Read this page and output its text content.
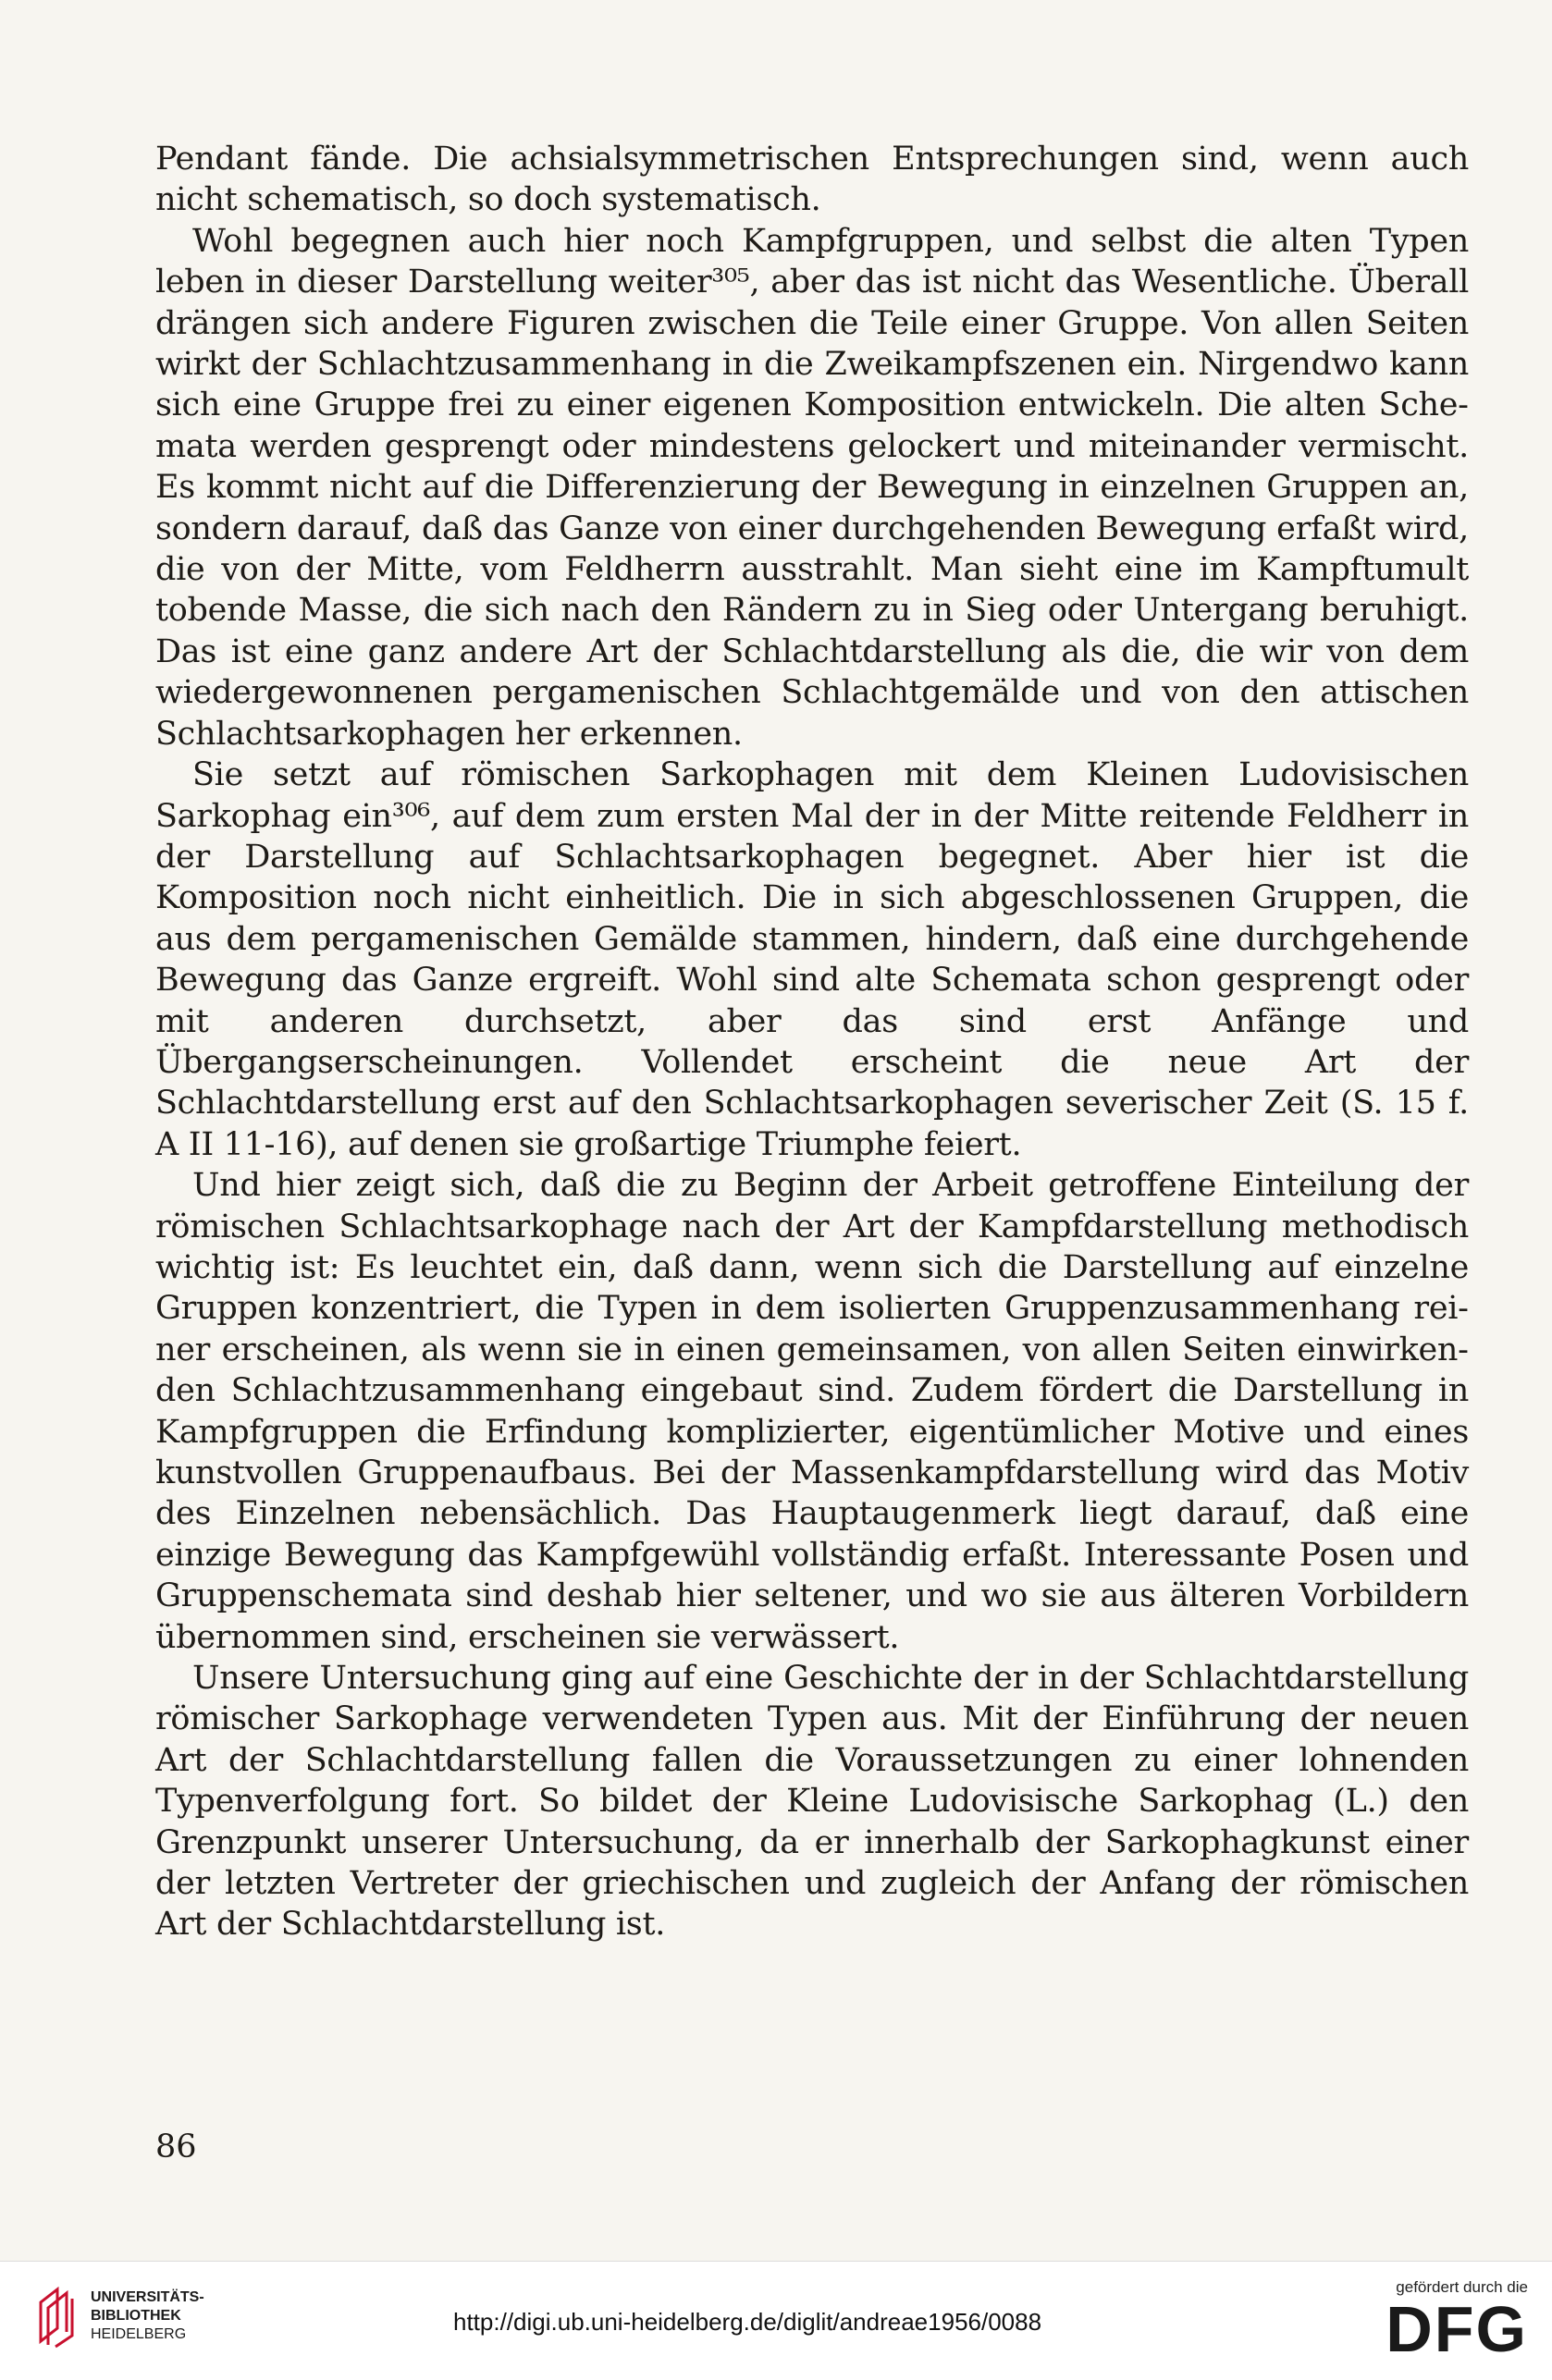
Pendant fände. Die achsialsymmetrischen Entsprechungen sind, wenn auch nicht schematisch, so doch systematisch.

Wohl begegnen auch hier noch Kampfgruppen, und selbst die alten Typen leben in dieser Darstellung weiter³⁰⁵, aber das ist nicht das Wesentliche. Überall drängen sich andere Figuren zwischen die Teile einer Gruppe. Von allen Seiten wirkt der Schlachtzusammenhang in die Zweikampfszenen ein. Nirgendwo kann sich eine Gruppe frei zu einer eigenen Komposition entwickeln. Die alten Schemata werden gesprengt oder mindestens gelockert und miteinander vermischt. Es kommt nicht auf die Differenzierung der Bewegung in einzelnen Gruppen an, sondern darauf, daß das Ganze von einer durchgehenden Bewegung erfaßt wird, die von der Mitte, vom Feldherrn ausstrahlt. Man sieht eine im Kampftumult tobende Masse, die sich nach den Rändern zu in Sieg oder Untergang beruhigt. Das ist eine ganz andere Art der Schlachtdarstellung als die, die wir von dem wiedergewonnenen pergamenischen Schlachtgemälde und von den attischen Schlachtsarkophagen her erkennen.

Sie setzt auf römischen Sarkophagen mit dem Kleinen Ludovisischen Sarkophag ein³⁰⁶, auf dem zum ersten Mal der in der Mitte reitende Feldherr in der Darstellung auf Schlachtsarkophagen begegnet. Aber hier ist die Komposition noch nicht einheitlich. Die in sich abgeschlossenen Gruppen, die aus dem pergamenischen Gemälde stammen, hindern, daß eine durchgehende Bewegung das Ganze ergreift. Wohl sind alte Schemata schon gesprengt oder mit anderen durchsetzt, aber das sind erst Anfänge und Übergangserscheinungen. Vollendet erscheint die neue Art der Schlachtdarstellung erst auf den Schlachtsarkophagen severischer Zeit (S. 15 f. A II 11-16), auf denen sie großartige Triumphe feiert.

Und hier zeigt sich, daß die zu Beginn der Arbeit getroffene Einteilung der römischen Schlachtsarkophage nach der Art der Kampfdarstellung methodisch wichtig ist: Es leuchtet ein, daß dann, wenn sich die Darstellung auf einzelne Gruppen konzentriert, die Typen in dem isolierten Gruppenzusammenhang reiner erscheinen, als wenn sie in einen gemeinsamen, von allen Seiten einwirkenden Schlachtzusammenhang eingebaut sind. Zudem fördert die Darstellung in Kampfgruppen die Erfindung komplizierter, eigentümlicher Motive und eines kunstvollen Gruppenaufbaus. Bei der Massenkampfdarstellung wird das Motiv des Einzelnen nebensächlich. Das Hauptaugenmerk liegt darauf, daß eine einzige Bewegung das Kampfgewühl vollständig erfaßt. Interessante Posen und Gruppenschemata sind deshab hier seltener, und wo sie aus älteren Vorbildern übernommen sind, erscheinen sie verwässert.

Unsere Untersuchung ging auf eine Geschichte der in der Schlachtdarstellung römischer Sarkophage verwendeten Typen aus. Mit der Einführung der neuen Art der Schlachtdarstellung fallen die Voraussetzungen zu einer lohnenden Typenverfolgung fort. So bildet der Kleine Ludovisische Sarkophag (L.) den Grenzpunkt unserer Untersuchung, da er innerhalb der Sarkophagkunst einer der letzten Vertreter der griechischen und zugleich der Anfang der römischen Art der Schlachtdarstellung ist.

86
UNIVERSITÄTS-
BIBLIOTHEK
HEIDELBERG	http://digi.ub.uni-heidelberg.de/diglit/andreae1956/0088
gefördert durch die
DFG
